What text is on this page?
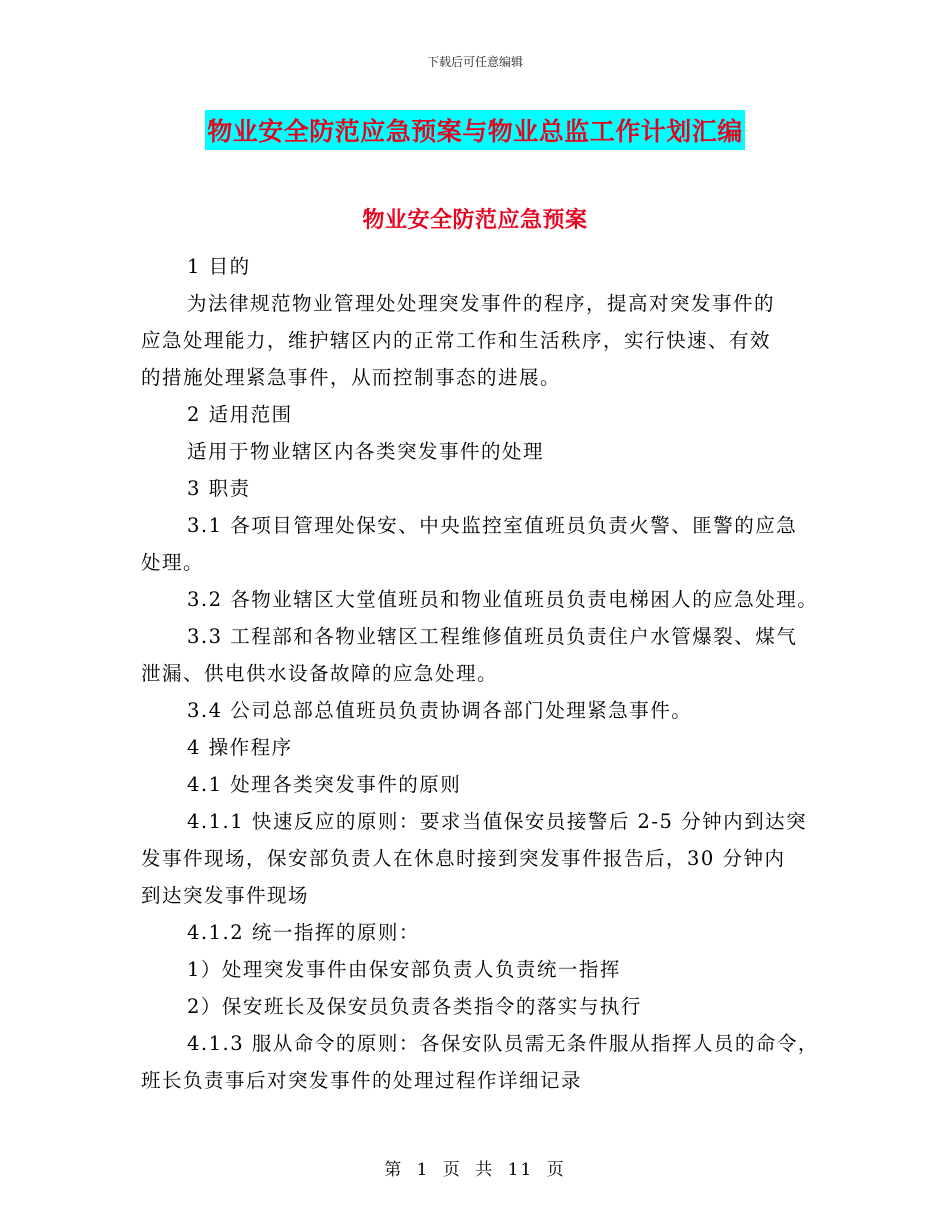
下载后可任意编辑
物业安全防范应急预案与物业总监工作计划汇编
物业安全防范应急预案

1 目的

为法律规范物业管理处处理突发事件的程序，提高对突发事件的

应急处理能力，维护辖区内的正常工作和生活秩序，实行快速、有效

的措施处理紧急事件，从而控制事态的进展。

2 适用范围

适用于物业辖区内各类突发事件的处理

3 职责

3.1 各项目管理处保安、中央监控室值班员负责火警、匪警的应急

处理。

3.2 各物业辖区大堂值班员和物业值班员负责电梯困人的应急处理。

3.3 工程部和各物业辖区工程维修值班员负责住户水管爆裂、煤气

泄漏、供电供水设备故障的应急处理。

3.4 公司总部总值班员负责协调各部门处理紧急事件。

4 操作程序

4.1 处理各类突发事件的原则

4.1.1 快速反应的原则：要求当值保安员接警后 2-5 分钟内到达突

发事件现场，保安部负责人在休息时接到突发事件报告后，30 分钟内

到达突发事件现场

4.1.2 统一指挥的原则：

1）处理突发事件由保安部负责人负责统一指挥

2）保安班长及保安员负责各类指令的落实与执行

4.1.3 服从命令的原则：各保安队员需无条件服从指挥人员的命令，

班长负责事后对突发事件的处理过程作详细记录

第 1 页 共 11 页
